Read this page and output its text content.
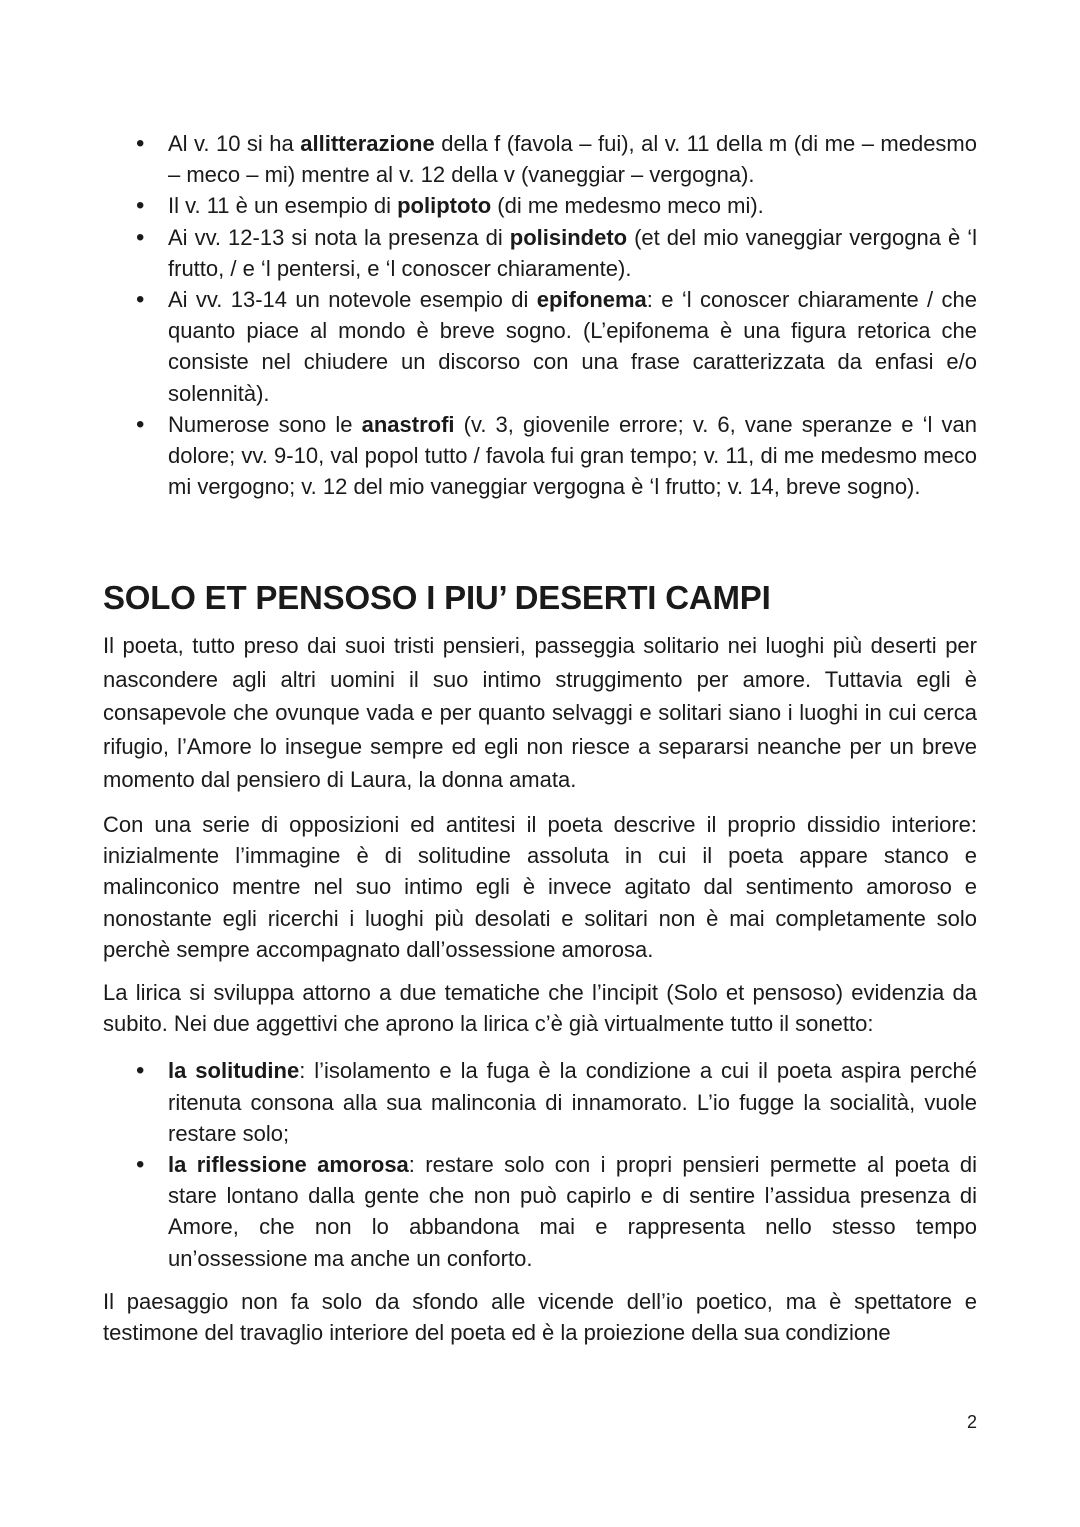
• Al v. 10 si ha allitterazione della f (favola – fui), al v. 11 della m (di me – medesmo – meco – mi) mentre al v. 12 della v (vaneggiar – vergogna).
• Il v. 11 è un esempio di poliptoto (di me medesmo meco mi).
• Ai vv. 12-13 si nota la presenza di polisindeto (et del mio vaneggiar vergogna è ‘l frutto, / e ‘l pentersi, e ‘l conoscer chiaramente).
• Ai vv. 13-14 un notevole esempio di epifonema: e ‘l conoscer chiaramente / che quanto piace al mondo è breve sogno. (L’epifonema è una figura retorica che consiste nel chiudere un discorso con una frase caratterizzata da enfasi e/o solennità).
• Numerose sono le anastrofi (v. 3, giovenile errore; v. 6, vane speranze e ‘l van dolore; vv. 9-10, val popol tutto / favola fui gran tempo; v. 11, di me medesmo meco mi vergogno; v. 12 del mio vaneggiar vergogna è ‘l frutto; v. 14, breve sogno).
SOLO ET PENSOSO I PIU’ DESERTI CAMPI

Il poeta, tutto preso dai suoi tristi pensieri, passeggia solitario nei luoghi più deserti per nascondere agli altri uomini il suo intimo struggimento per amore. Tuttavia egli è consapevole che ovunque vada e per quanto selvaggi e solitari siano i luoghi in cui cerca rifugio, l’Amore lo insegue sempre ed egli non riesce a separarsi neanche per un breve momento dal pensiero di Laura, la donna amata.

Con una serie di opposizioni ed antitesi il poeta descrive il proprio dissidio interiore: inizialmente l’immagine è di solitudine assoluta in cui il poeta appare stanco e malinconico mentre nel suo intimo egli è invece agitato dal sentimento amoroso e nonostante egli ricerchi i luoghi più desolati e solitari non è mai completamente solo perchè sempre accompagnato dall’ossessione amorosa.

La lirica si sviluppa attorno a due tematiche che l’incipit (Solo et pensoso) evidenzia da subito. Nei due aggettivi che aprono la lirica c’è già virtualmente tutto il sonetto:

• la solitudine: l’isolamento e la fuga è la condizione a cui il poeta aspira perché ritenuta consona alla sua malinconia di innamorato. L’io fugge la socialità, vuole restare solo;
• la riflessione amorosa: restare solo con i propri pensieri permette al poeta di stare lontano dalla gente che non può capirlo e di sentire l’assidua presenza di Amore, che non lo abbandona mai e rappresenta nello stesso tempo un’ossessione ma anche un conforto.

Il paesaggio non fa solo da sfondo alle vicende dell’io poetico, ma è spettatore e testimone del travaglio interiore del poeta ed è la proiezione della sua condizione

2
